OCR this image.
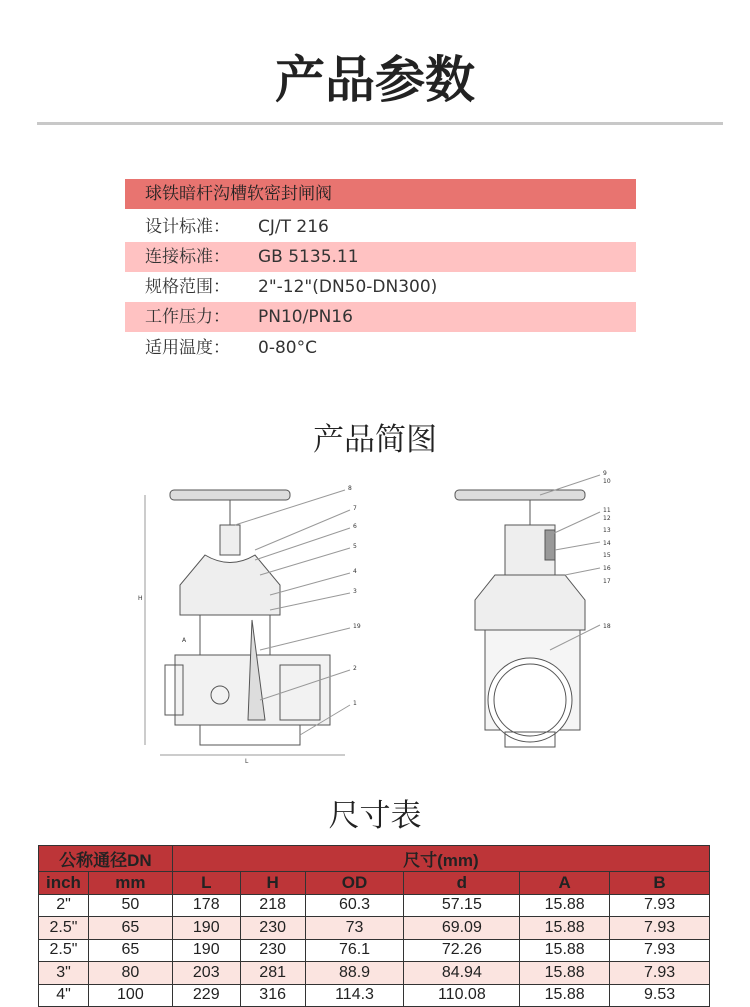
产品参数
球铁暗杆沟槽软密封闸阀
设计标准： CJ/T 216
连接标准： GB 5135.11
规格范围： 2"-12"(DN50-DN300)
工作压力： PN10/PN16
适用温度： 0-80°C
产品简图
8
7
6
5
4
3
19
2
1
H
A
L
9
10
11
12
13
14
15
16
17
18
尺寸表
公称通径DN		尺寸(mm)					
inch	mm	L	H	OD	d	A	B
2"	50	178	218	60.3	57.15	15.88	7.93
2.5"	65	190	230	73	69.09	15.88	7.93
2.5"	65	190	230	76.1	72.26	15.88	7.93
3"	80	203	281	88.9	84.94	15.88	7.93
4"	100	229	316	114.3	110.08	15.88	9.53
